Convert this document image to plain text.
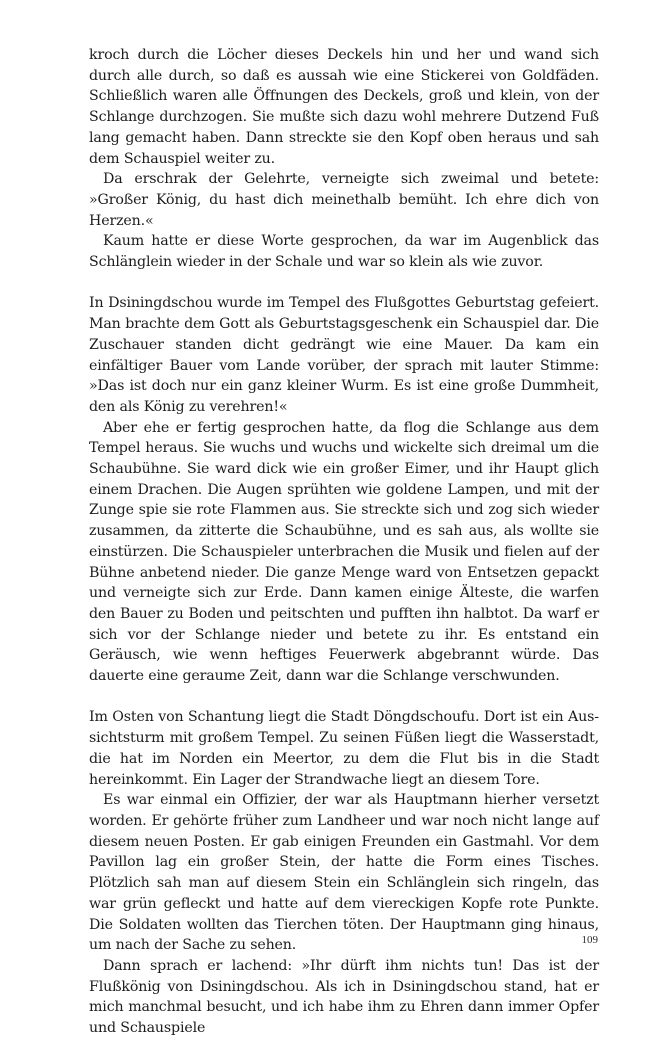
kroch durch die Löcher dieses Deckels hin und her und wand sich durch alle durch, so daß es aussah wie eine Stickerei von Goldfäden. Schließlich waren alle Öffnungen des Deckels, groß und klein, von der Schlange durchzogen. Sie mußte sich dazu wohl mehrere Dutzend Fuß lang gemacht haben. Dann streckte sie den Kopf oben heraus und sah dem Schauspiel weiter zu.

Da erschrak der Gelehrte, verneigte sich zweimal und betete: »Großer König, du hast dich meinethalb bemüht. Ich ehre dich von Herzen.«

Kaum hatte er diese Worte gesprochen, da war im Augenblick das Schlänglein wieder in der Schale und war so klein als wie zuvor.

In Dsiningdschou wurde im Tempel des Flußgottes Geburtstag gefeiert. Man brachte dem Gott als Geburtstagsgeschenk ein Schauspiel dar. Die Zuschauer standen dicht gedrängt wie eine Mauer. Da kam ein einfältiger Bauer vom Lande vorüber, der sprach mit lauter Stimme: »Das ist doch nur ein ganz kleiner Wurm. Es ist eine große Dummheit, den als König zu verehren!«

Aber ehe er fertig gesprochen hatte, da flog die Schlange aus dem Tempel heraus. Sie wuchs und wuchs und wickelte sich dreimal um die Schaubühne. Sie ward dick wie ein großer Eimer, und ihr Haupt glich einem Drachen. Die Augen sprühten wie goldene Lampen, und mit der Zunge spie sie rote Flammen aus. Sie streckte sich und zog sich wieder zusammen, da zitterte die Schaubühne, und es sah aus, als wollte sie einstürzen. Die Schauspieler unterbrachen die Musik und fielen auf der Bühne anbetend nieder. Die ganze Menge ward von Entsetzen gepackt und verneigte sich zur Erde. Dann kamen einige Älteste, die warfen den Bauer zu Boden und peitschten und pufften ihn halbtot. Da warf er sich vor der Schlange nieder und betete zu ihr. Es entstand ein Geräusch, wie wenn heftiges Feuerwerk abgebrannt würde. Das dauerte eine geraume Zeit, dann war die Schlange verschwunden.

Im Osten von Schantung liegt die Stadt Döngdschoufu. Dort ist ein Aussichtsturm mit großem Tempel. Zu seinen Füßen liegt die Wasserstadt, die hat im Norden ein Meertor, zu dem die Flut bis in die Stadt hereinkommt. Ein Lager der Strandwache liegt an diesem Tore.

Es war einmal ein Offizier, der war als Hauptmann hierher versetzt worden. Er gehörte früher zum Landheer und war noch nicht lange auf diesem neuen Posten. Er gab einigen Freunden ein Gastmahl. Vor dem Pavillon lag ein großer Stein, der hatte die Form eines Tisches. Plötzlich sah man auf diesem Stein ein Schlänglein sich ringeln, das war grün gefleckt und hatte auf dem viereckigen Kopfe rote Punkte. Die Soldaten wollten das Tierchen töten. Der Hauptmann ging hinaus, um nach der Sache zu sehen.

Dann sprach er lachend: »Ihr dürft ihm nichts tun! Das ist der Flußkönig von Dsiningdschou. Als ich in Dsiningdschou stand, hat er mich manchmal besucht, und ich habe ihm zu Ehren dann immer Opfer und Schauspiele

109
